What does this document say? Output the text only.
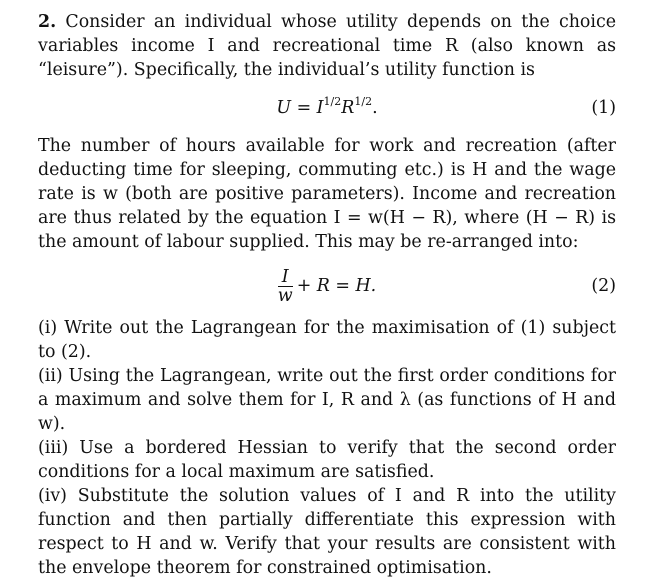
2. Consider an individual whose utility depends on the choice variables income I and recreational time R (also known as “leisure”). Specifically, the individual’s utility function is

$U = I^{1/2}R^{1/2}$.	(1)

The number of hours available for work and recreation (after deducting time for sleeping, commuting etc.) is H and the wage rate is w (both are positive parameters). Income and recreation are thus related by the equation I = w(H − R), where (H − R) is the amount of labour supplied. This may be re-arranged into:

$\frac{I}{w} + R = H$.	(2)

(i) Write out the Lagrangean for the maximisation of (1) subject to (2).

(ii) Using the Lagrangean, write out the first order conditions for a maximum and solve them for I, R and λ (as functions of H and w).

(iii) Use a bordered Hessian to verify that the second order conditions for a local maximum are satisfied.

(iv) Substitute the solution values of I and R into the utility function and then partially differentiate this expression with respect to H and w. Verify that your results are consistent with the envelope theorem for constrained optimisation.
